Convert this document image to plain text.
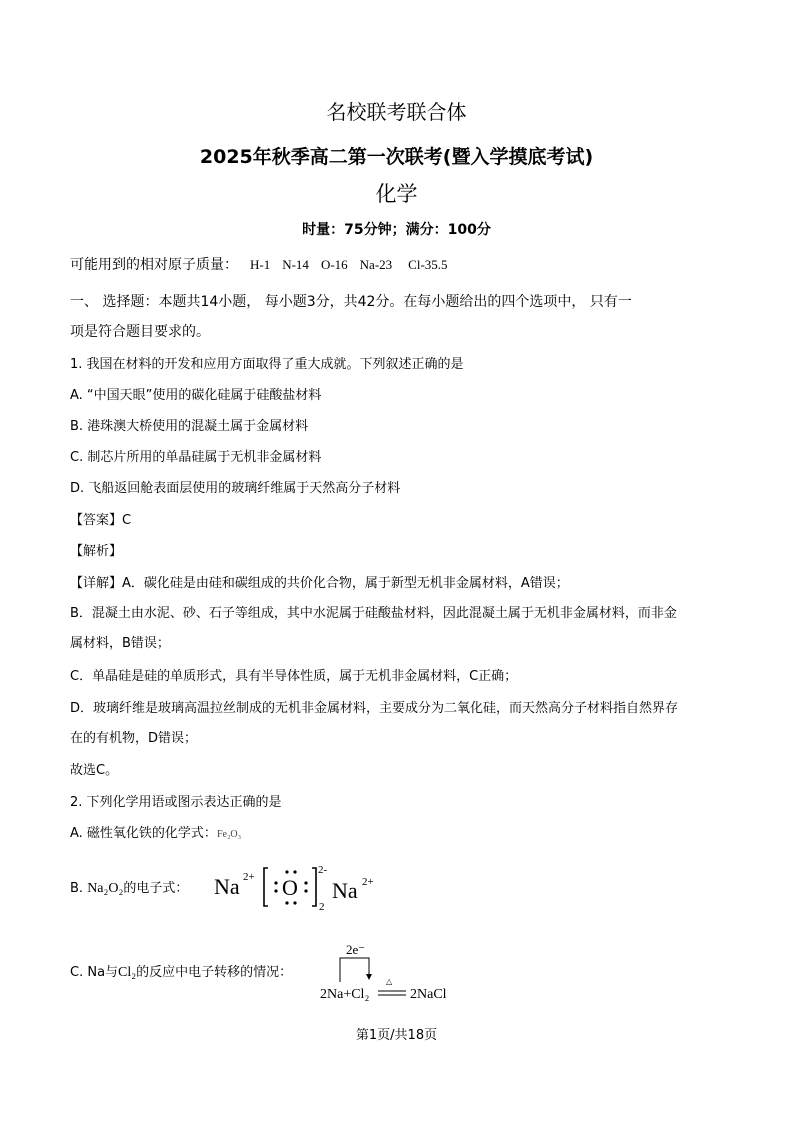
名校联考联合体
2025年秋季高二第一次联考(暨入学摸底考试)
化学
时量：75分钟；满分：100分
可能用到的相对原子质量： H-1 N-14 O-16 Na-23 Cl-35.5
一、 选择题：本题共14小题， 每小题3分，共42分。在每小题给出的四个选项中， 只有一
项是符合题目要求的。
1. 我国在材料的开发和应用方面取得了重大成就。下列叙述正确的是
A. “中国天眼”使用的碳化硅属于硅酸盐材料
B. 港珠澳大桥使用的混凝土属于金属材料
C. 制芯片所用的单晶硅属于无机非金属材料
D. 飞船返回舱表面层使用的玻璃纤维属于天然高分子材料
【答案】C
【解析】
【详解】A．碳化硅是由硅和碳组成的共价化合物，属于新型无机非金属材料，A错误；
B．混凝土由水泥、砂、石子等组成，其中水泥属于硅酸盐材料，因此混凝土属于无机非金属材料，而非金
属材料，B错误；
C．单晶硅是硅的单质形式，具有半导体性质，属于无机非金属材料，C正确；
D．玻璃纤维是玻璃高温拉丝制成的无机非金属材料，主要成分为二氧化硅，而天然高分子材料指自然界存
在的有机物，D错误；
故选C。
2. 下列化学用语或图示表达正确的是
A. 磁性氧化铁的化学式：Fe₂O₃
B. Na₂O₂的电子式： Na 2+ O
2-
2
Na 2+
C. Na与Cl₂的反应中电子转移的情况：
2e⁻
2Na+Cl₂
△
2NaCl
第1页/共18页
